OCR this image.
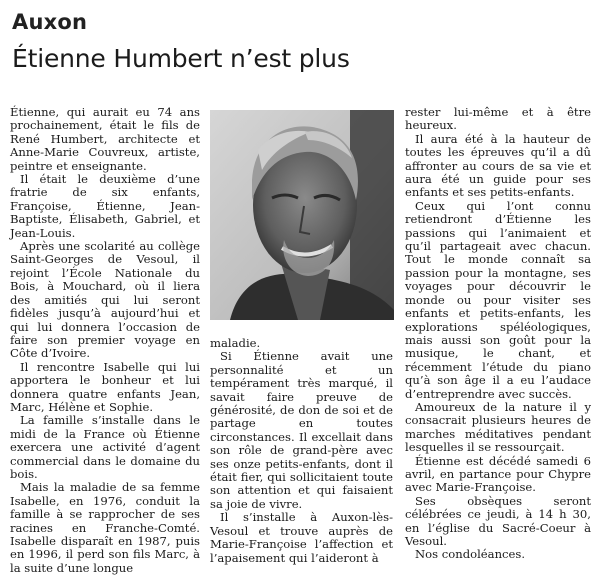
Auxon
Étienne Humbert n’est plus

Étienne, qui aurait eu 74 ans prochainement, était le fils de René Humbert, architecte et Anne-Marie Couvreux, artiste, peintre et enseignante.

Il était le deuxième d’une fratrie de six enfants, Françoise, Étienne, Jean-Baptiste, Élisabeth, Gabriel, et Jean-Louis.

Après une scolarité au collège Saint-Georges de Vesoul, il rejoint l’École Nationale du Bois, à Mouchard, où il liera des amitiés qui lui seront fidèles jusqu’à aujourd’hui et qui lui donnera l’occasion de faire son premier voyage en Côte d’Ivoire.

Il rencontre Isabelle qui lui apportera le bonheur et lui donnera quatre enfants Jean, Marc, Hélène et Sophie.

La famille s’installe dans le midi de la France où Étienne exercera une activité d’agent commercial dans le domaine du bois.

Mais la maladie de sa femme Isabelle, en 1976, conduit la famille à se rapprocher de ses racines en Franche-Comté. Isabelle disparaît en 1987, puis en 1996, il perd son fils Marc, à la suite d’une longue

maladie.

Si Étienne avait une personnalité et un tempérament très marqué, il savait faire preuve de générosité, de don de soi et de partage en toutes circonstances. Il excellait dans son rôle de grand-père avec ses onze petits-enfants, dont il était fier, qui sollicitaient toute son attention et qui faisaient sa joie de vivre.

Il s’installe à Auxon-lès-Vesoul et trouve auprès de Marie-Françoise l’affection et l’apaisement qui l’aideront à

rester lui-même et à être heureux.

Il aura été à la hauteur de toutes les épreuves qu’il a dû affronter au cours de sa vie et aura été un guide pour ses enfants et ses petits-enfants.

Ceux qui l’ont connu retiendront d’Étienne les passions qui l’animaient et qu’il partageait avec chacun. Tout le monde connaît sa passion pour la montagne, ses voyages pour découvrir le monde ou pour visiter ses enfants et petits-enfants, les explorations spéléologiques, mais aussi son goût pour la musique, le chant, et récemment l’étude du piano qu’à son âge il a eu l’audace d’entreprendre avec succès.

Amoureux de la nature il y consacrait plusieurs heures de marches méditatives pendant lesquelles il se ressourçait.

Étienne est décédé samedi 6 avril, en partance pour Chypre avec Marie-Françoise.

Ses obsèques seront célébrées ce jeudi, à 14 h 30, en l’église du Sacré-Coeur à Vesoul.

Nos condoléances.
